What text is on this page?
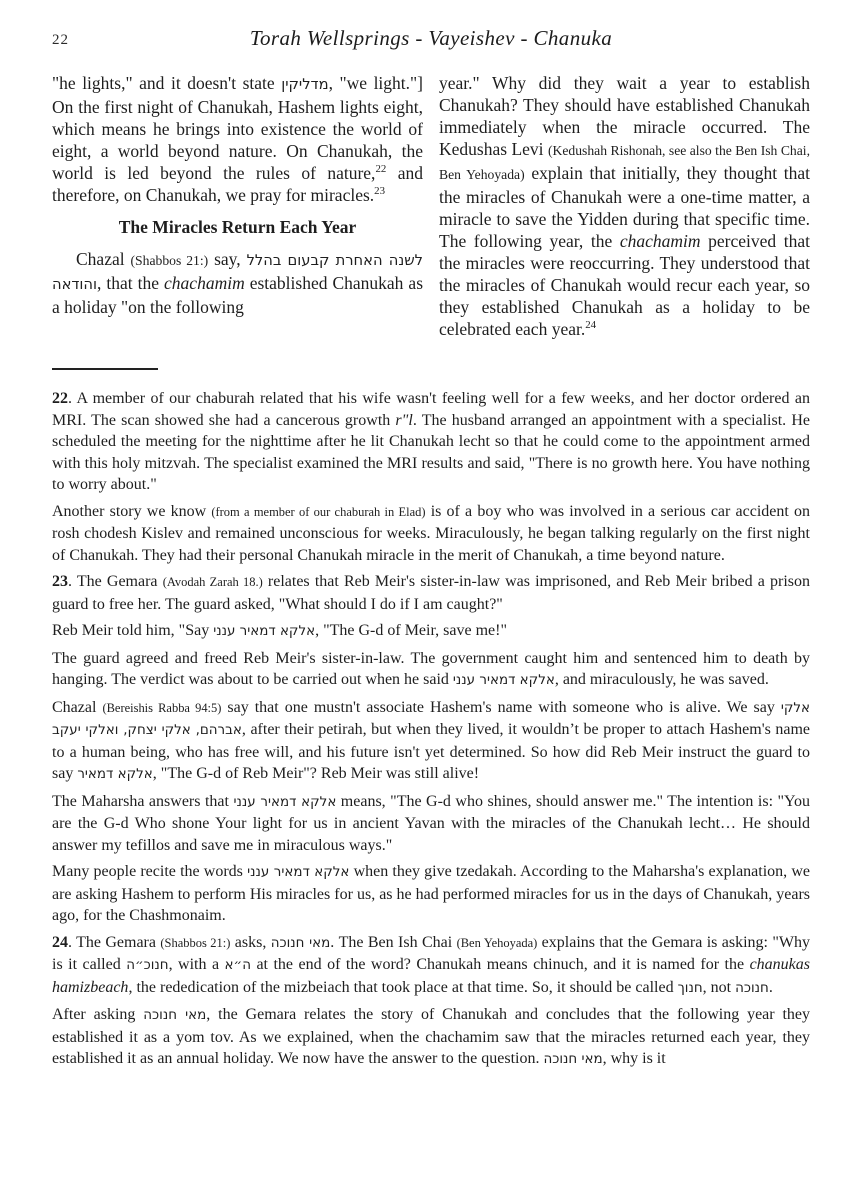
22	Torah Wellsprings - Vayeishev - Chanuka

"he lights," and it doesn't state מדליקין, "we light."] On the first night of Chanukah, Hashem lights eight, which means he brings into existence the world of eight, a world beyond nature. On Chanukah, the world is led beyond the rules of nature,$^{22}$ and therefore, on Chanukah, we pray for miracles.$^{23}$

The Miracles Return Each Year

Chazal (Shabbos 21:) say, לשנה האחרת קבעום בהלל והודאה, that the chachamim established Chanukah as a holiday "on the following

year." Why did they wait a year to establish Chanukah? They should have established Chanukah immediately when the miracle occurred. The Kedushas Levi (Kedushah Rishonah, see also the Ben Ish Chai, Ben Yehoyada) explain that initially, they thought that the miracles of Chanukah were a one-time matter, a miracle to save the Yidden during that specific time. The following year, the chachamim perceived that the miracles were reoccurring. They understood that the miracles of Chanukah would recur each year, so they established Chanukah as a holiday to be celebrated each year.$^{24}$

22. A member of our chaburah related that his wife wasn't feeling well for a few weeks, and her doctor ordered an MRI. The scan showed she had a cancerous growth r"l. The husband arranged an appointment with a specialist. He scheduled the meeting for the nighttime after he lit Chanukah lecht so that he could come to the appointment armed with this holy mitzvah. The specialist examined the MRI results and said, "There is no growth here. You have nothing to worry about."

Another story we know (from a member of our chaburah in Elad) is of a boy who was involved in a serious car accident on rosh chodesh Kislev and remained unconscious for weeks. Miraculously, he began talking regularly on the first night of Chanukah. They had their personal Chanukah miracle in the merit of Chanukah, a time beyond nature.

23. The Gemara (Avodah Zarah 18.) relates that Reb Meir's sister-in-law was imprisoned, and Reb Meir bribed a prison guard to free her. The guard asked, "What should I do if I am caught?"

Reb Meir told him, "Say אלקא דמאיר ענני, "The G-d of Meir, save me!"

The guard agreed and freed Reb Meir's sister-in-law. The government caught him and sentenced him to death by hanging. The verdict was about to be carried out when he said אלקא דמאיר ענני, and miraculously, he was saved.

Chazal (Bereishis Rabba 94:5) say that one mustn't associate Hashem's name with someone who is alive. We say אלקי אברהם, אלקי יצחק, ואלקי יעקב, after their petirah, but when they lived, it wouldn’t be proper to attach Hashem's name to a human being, who has free will, and his future isn't yet determined. So how did Reb Meir instruct the guard to say אלקא דמאיר, "The G-d of Reb Meir"? Reb Meir was still alive!

The Maharsha answers that אלקא דמאיר ענני means, "The G-d who shines, should answer me." The intention is: "You are the G-d Who shone Your light for us in ancient Yavan with the miracles of the Chanukah lecht… He should answer my tefillos and save me in miraculous ways."

Many people recite the words אלקא דמאיר ענני when they give tzedakah. According to the Maharsha's explanation, we are asking Hashem to perform His miracles for us, as he had performed miracles for us in the days of Chanukah, years ago, for the Chashmonaim.

24. The Gemara (Shabbos 21:) asks, מאי חנוכה. The Ben Ish Chai (Ben Yehoyada) explains that the Gemara is asking: "Why is it called חנוכ״ה, with a ה״א at the end of the word? Chanukah means chinuch, and it is named for the chanukas hamizbeach, the rededication of the mizbeiach that took place at that time. So, it should be called חנוך, not חנוכה.

After asking מאי חנוכה, the Gemara relates the story of Chanukah and concludes that the following year they established it as a yom tov. As we explained, when the chachamim saw that the miracles returned each year, they established it as an annual holiday. We now have the answer to the question. מאי חנוכה, why is it
